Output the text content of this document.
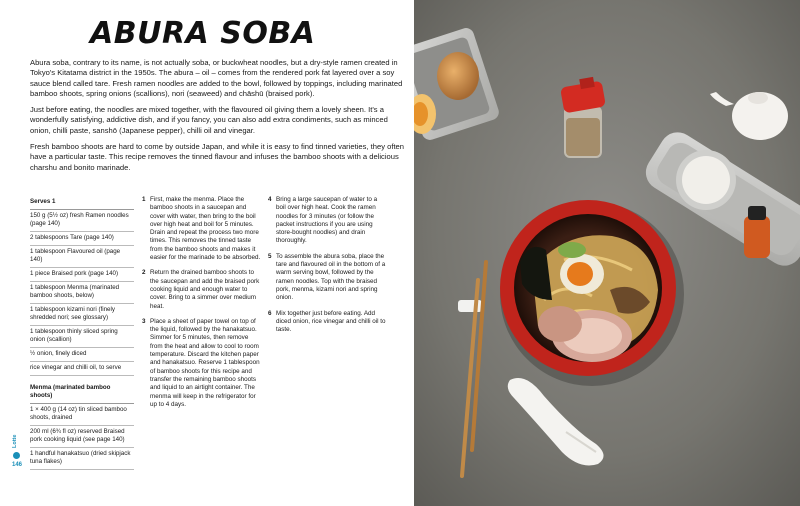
ABURA SOBA

Abura soba, contrary to its name, is not actually soba, or buckwheat noodles, but a dry-style ramen created in Tokyo's Kitatama district in the 1950s. The abura – oil – comes from the rendered pork fat layered over a soy sauce blend called tare. Fresh ramen noodles are added to the bowl, followed by toppings, including marinated bamboo shoots, spring onions (scallions), nori (seaweed) and chāshū (braised pork).

Just before eating, the noodles are mixed together, with the flavoured oil giving them a lovely sheen. It's a wonderfully satisfying, addictive dish, and if you fancy, you can also add extra condiments, such as minced onion, chilli paste, sanshō (Japanese pepper), chilli oil and vinegar.

Fresh bamboo shoots are hard to come by outside Japan, and while it is easy to find tinned varieties, they often have a particular taste. This recipe removes the tinned flavour and infuses the bamboo shoots with a delicious charshu and bonito marinade.

Serves 1
150 g (5½ oz) fresh Ramen noodles (page 140)
2 tablespoons Tare (page 140)
1 tablespoon Flavoured oil (page 140)
1 piece Braised pork (page 140)
1 tablespoon Menma (marinated bamboo shoots, below)
1 tablespoon kizami nori (finely shredded nori; see glossary)
1 tablespoon thinly sliced spring onion (scallion)
½ onion, finely diced
rice vinegar and chilli oil, to serve
Menma (marinated bamboo shoots)
1 × 400 g (14 oz) tin sliced bamboo shoots, drained
200 ml (6¾ fl oz) reserved Braised pork cooking liquid (see page 140)
1 handful hanakatsuo (dried skipjack tuna flakes)
1 First, make the menma. Place the bamboo shoots in a saucepan and cover with water, then bring to the boil over high heat and boil for 5 minutes. Drain and repeat the process two more times. This removes the tinned taste from the bamboo shoots and makes it easier for the marinade to be absorbed.
2 Return the drained bamboo shoots to the saucepan and add the braised pork cooking liquid and enough water to cover. Bring to a simmer over medium heat.
3 Place a sheet of paper towel on top of the liquid, followed by the hanakatsuo. Simmer for 5 minutes, then remove from the heat and allow to cool to room temperature. Discard the kitchen paper and hanakatsuo. Reserve 1 tablespoon of bamboo shoots for this recipe and transfer the remaining bamboo shoots and liquid to an airtight container. The menma will keep in the refrigerator for up to 4 days.
4 Bring a large saucepan of water to a boil over high heat. Cook the ramen noodles for 3 minutes (or follow the packet instructions if you are using store-bought noodles) and drain thoroughly.
5 To assemble the abura soba, place the tare and flavoured oil in the bottom of a warm serving bowl, followed by the ramen noodles. Top with the braised pork, menma, kizami nori and spring onion.
6 Mix together just before eating. Add diced onion, rice vinegar and chilli oil to taste.
Lotte
146
